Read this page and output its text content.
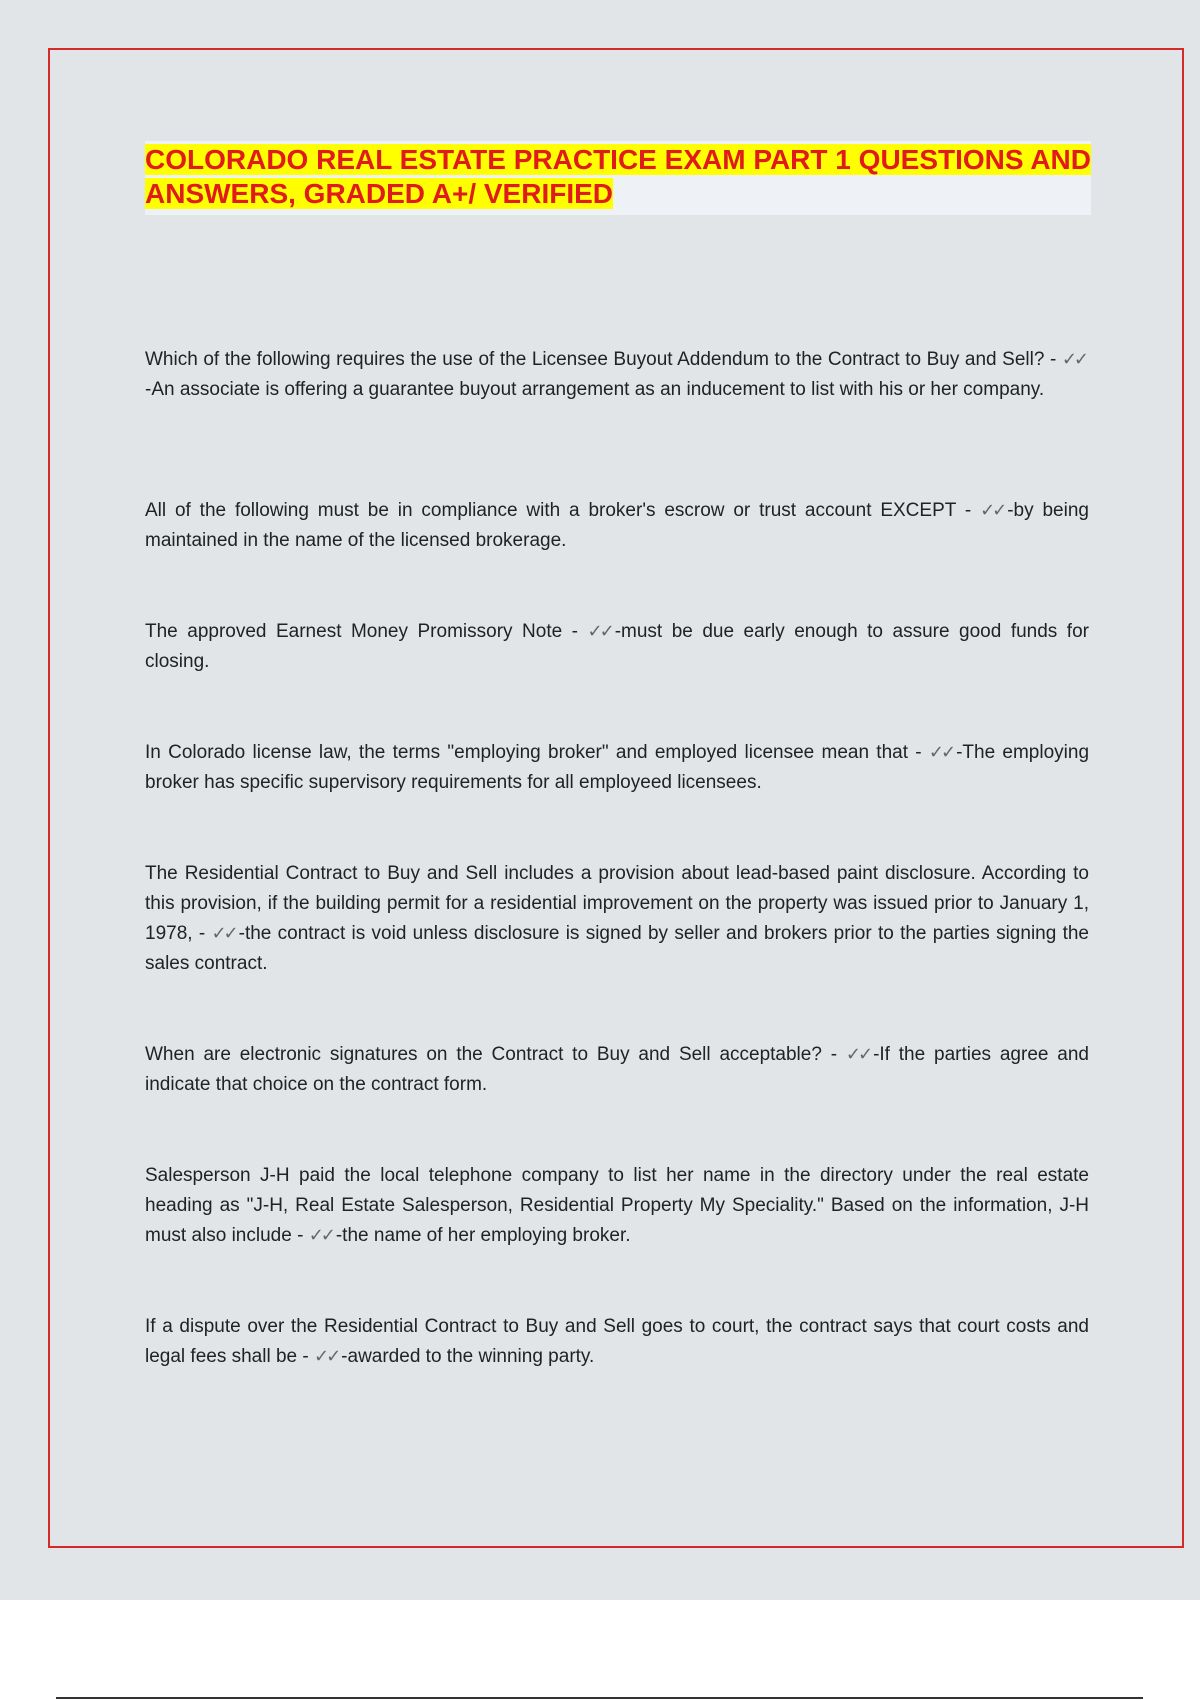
COLORADO REAL ESTATE PRACTICE EXAM PART 1 QUESTIONS AND ANSWERS, GRADED A+/ VERIFIED

Which of the following requires the use of the Licensee Buyout Addendum to the Contract to Buy and Sell? - ✓✓-An associate is offering a guarantee buyout arrangement as an inducement to list with his or her company.

All of the following must be in compliance with a broker's escrow or trust account EXCEPT - ✓✓ -by being maintained in the name of the licensed brokerage.

The approved Earnest Money Promissory Note - ✓✓ -must be due early enough to assure good funds for closing.

In Colorado license law, the terms "employing broker" and employed licensee mean that - ✓✓ -The employing broker has specific supervisory requirements for all employeed licensees.

The Residential Contract to Buy and Sell includes a provision about lead-based paint disclosure. According to this provision, if the building permit for a residential improvement on the property was issued prior to January 1, 1978, - ✓✓ -the contract is void unless disclosure is signed by seller and brokers prior to the parties signing the sales contract.

When are electronic signatures on the Contract to Buy and Sell acceptable? - ✓✓ -If the parties agree and indicate that choice on the contract form.

Salesperson J-H paid the local telephone company to list her name in the directory under the real estate heading as "J-H, Real Estate Salesperson, Residential Property My Speciality." Based on the information, J-H must also include - ✓✓ -the name of her employing broker.

If a dispute over the Residential Contract to Buy and Sell goes to court, the contract says that court costs and legal fees shall be - ✓✓ -awarded to the winning party.
